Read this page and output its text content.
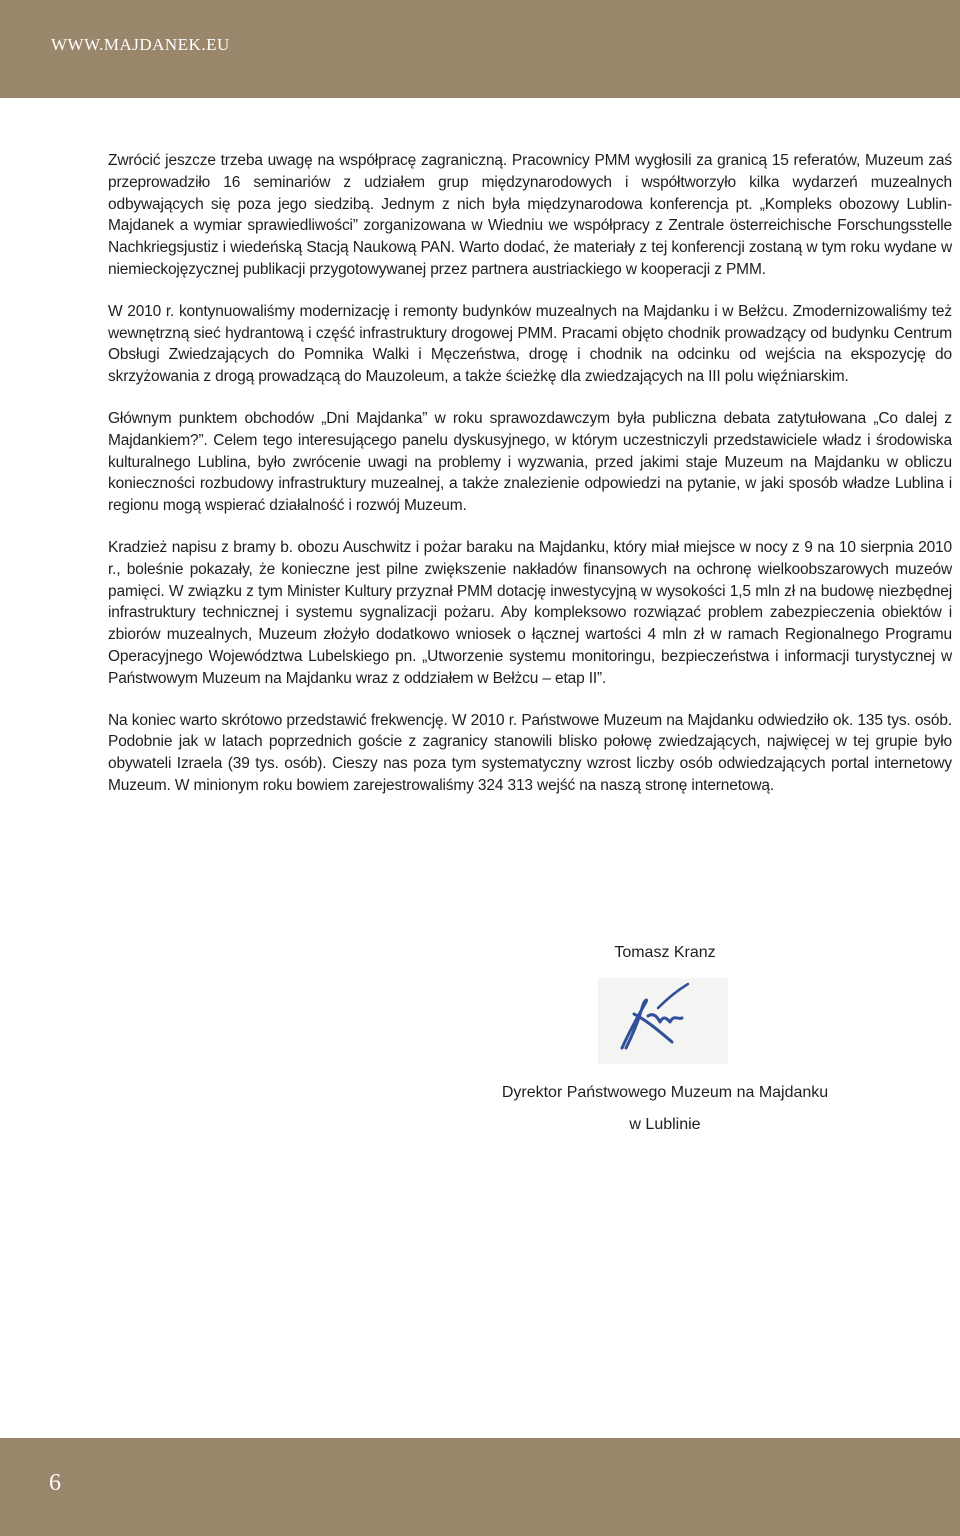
WWW.MAJDANEK.EU

Zwrócić jeszcze trzeba uwagę na współpracę zagraniczną. Pracownicy PMM wygłosili za granicą 15 referatów, Muzeum zaś przeprowadziło 16 seminariów z udziałem grup międzynarodowych i współtworzyło kilka wydarzeń muzealnych odbywających się poza jego siedzibą. Jednym z nich była międzynarodowa konferencja pt. „Kompleks obozowy Lublin-Majdanek a wymiar sprawiedliwości” zorganizowana w Wiedniu we współpracy z Zentrale österreichische Forschungsstelle Nachkriegsjustiz i wiedeńską Stacją Naukową PAN. Warto dodać, że materiały z tej konferencji zostaną w tym roku wydane w niemieckojęzycznej publikacji przygotowywanej przez partnera austriackiego w kooperacji z PMM.

W 2010 r. kontynuowaliśmy modernizację i remonty budynków muzealnych na Majdanku i w Bełżcu. Zmodernizowaliśmy też wewnętrzną sieć hydrantową i część infrastruktury drogowej PMM. Pracami objęto chodnik prowadzący od budynku Centrum Obsługi Zwiedzających do Pomnika Walki i Męczeństwa, drogę i chodnik na odcinku od wejścia na ekspozycję do skrzyżowania z drogą prowadzącą do Mauzoleum, a także ścieżkę dla zwiedzających na III polu więźniarskim.

Głównym punktem obchodów „Dni Majdanka” w roku sprawozdawczym była publiczna debata zatytułowana „Co dalej z Majdankiem?”. Celem tego interesującego panelu dyskusyjnego, w którym uczestniczyli przedstawiciele władz i środowiska kulturalnego Lublina, było zwrócenie uwagi na problemy i wyzwania, przed jakimi staje Muzeum na Majdanku w obliczu konieczności rozbudowy infrastruktury muzealnej, a także znalezienie odpowiedzi na pytanie, w jaki sposób władze Lublina i regionu mogą wspierać działalność i rozwój Muzeum.

Kradzież napisu z bramy b. obozu Auschwitz i pożar baraku na Majdanku, który miał miejsce w nocy z 9 na 10 sierpnia 2010 r., boleśnie pokazały, że konieczne jest pilne zwiększenie nakładów finansowych na ochronę wielkoobszarowych muzeów pamięci. W związku z tym Minister Kultury przyznał PMM dotację inwestycyjną w wysokości 1,5 mln zł na budowę niezbędnej infrastruktury technicznej i systemu sygnalizacji pożaru. Aby kompleksowo rozwiązać problem zabezpieczenia obiektów i zbiorów muzealnych, Muzeum złożyło dodatkowo wniosek o łącznej wartości 4 mln zł w ramach Regionalnego Programu Operacyjnego Województwa Lubelskiego pn. „Utworzenie systemu monitoringu, bezpieczeństwa i informacji turystycznej w Państwowym Muzeum na Majdanku wraz z oddziałem w Bełżcu – etap II”.

Na koniec warto skrótowo przedstawić frekwencję. W 2010 r. Państwowe Muzeum na Majdanku odwiedziło ok. 135 tys. osób. Podobnie jak w latach poprzednich goście z zagranicy stanowili blisko połowę zwiedzających, najwięcej w tej grupie było obywateli Izraela (39 tys. osób). Cieszy nas poza tym systematyczny wzrost liczby osób odwiedzających portal internetowy Muzeum. W minionym roku bowiem zarejestrowaliśmy 324 313 wejść na naszą stronę internetową.

Tomasz Kranz
Dyrektor Państwowego Muzeum na Majdanku
w Lublinie
6
